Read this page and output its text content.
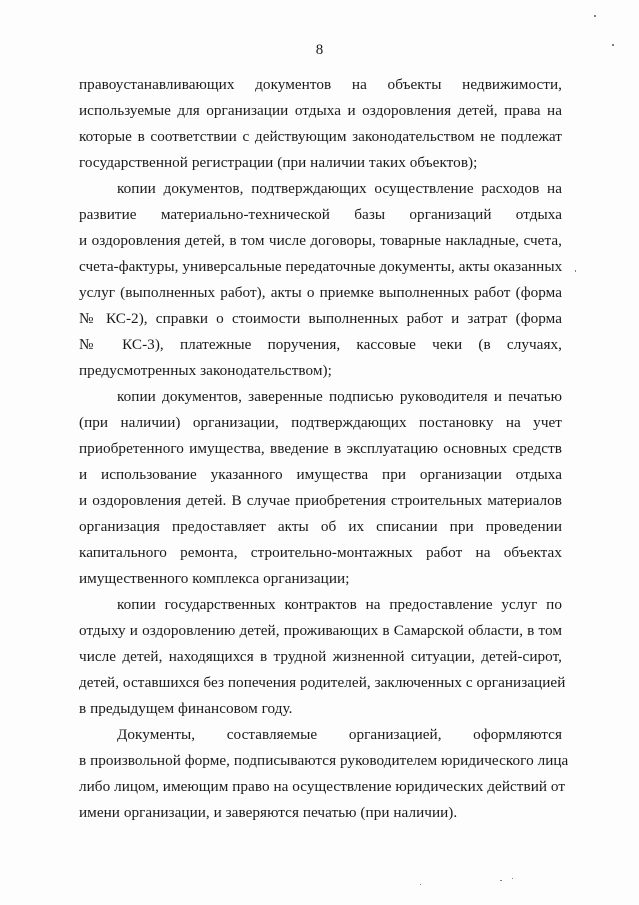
8
правоустанавливающих документов на объекты недвижимости,
используемые для организации отдыха и оздоровления детей, права на
которые в соответствии с действующим законодательством не подлежат
государственной регистрации (при наличии таких объектов);
копии документов, подтверждающих осуществление расходов на
развитие материально-технической базы организаций отдыха
и оздоровления детей, в том числе договоры, товарные накладные, счета,
счета-фактуры, универсальные передаточные документы, акты оказанных
услуг (выполненных работ), акты о приемке выполненных работ (форма
№ КС-2), справки о стоимости выполненных работ и затрат (форма
№ КС-3), платежные поручения, кассовые чеки (в случаях,
предусмотренных законодательством);
копии документов, заверенные подписью руководителя и печатью
(при наличии) организации, подтверждающих постановку на учет
приобретенного имущества, введение в эксплуатацию основных средств
и использование указанного имущества при организации отдыха
и оздоровления детей. В случае приобретения строительных материалов
организация предоставляет акты об их списании при проведении
капитального ремонта, строительно-монтажных работ на объектах
имущественного комплекса организации;
копии государственных контрактов на предоставление услуг по
отдыху и оздоровлению детей, проживающих в Самарской области, в том
числе детей, находящихся в трудной жизненной ситуации, детей-сирот,
детей, оставшихся без попечения родителей, заключенных с организацией
в предыдущем финансовом году.
Документы, составляемые организацией, оформляются
в произвольной форме, подписываются руководителем юридического лица
либо лицом, имеющим право на осуществление юридических действий от
имени организации, и заверяются печатью (при наличии).
